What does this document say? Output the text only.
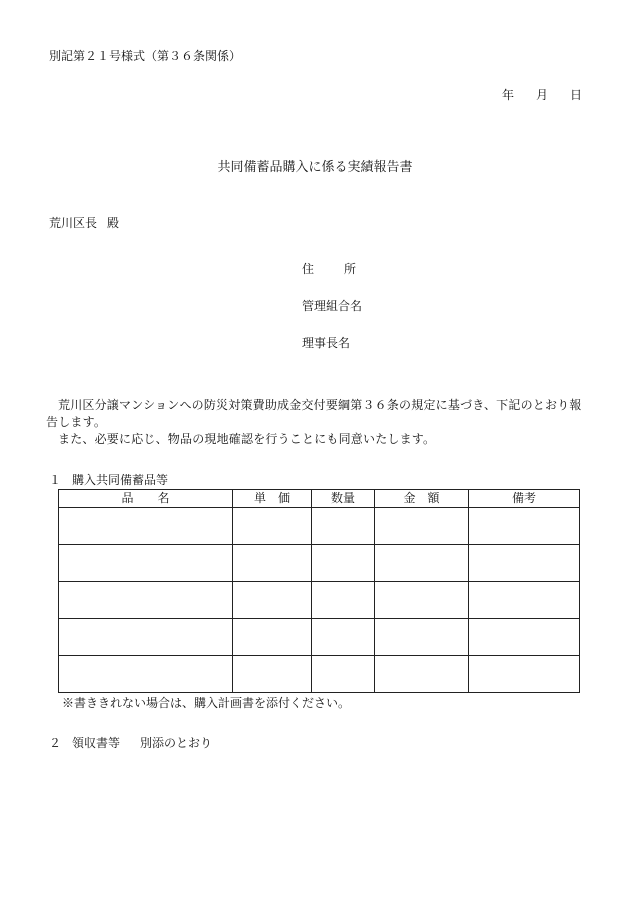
別記第２１号様式（第３６条関係）
年 月 日
共同備蓄品購入に係る実績報告書
荒川区長 殿
住	所
管理組合名
理事長名

荒川区分譲マンションへの防災対策費助成金交付要綱第３６条の規定に基づき、下記のとおり報告します。

また、必要に応じ、物品の現地確認を行うことにも同意いたします。

１ 購入共同備蓄品等
品　　名	単　価	数量	金　額	備考

※書ききれない場合は、購入計画書を添付ください。
２ 領収書等 別添のとおり
